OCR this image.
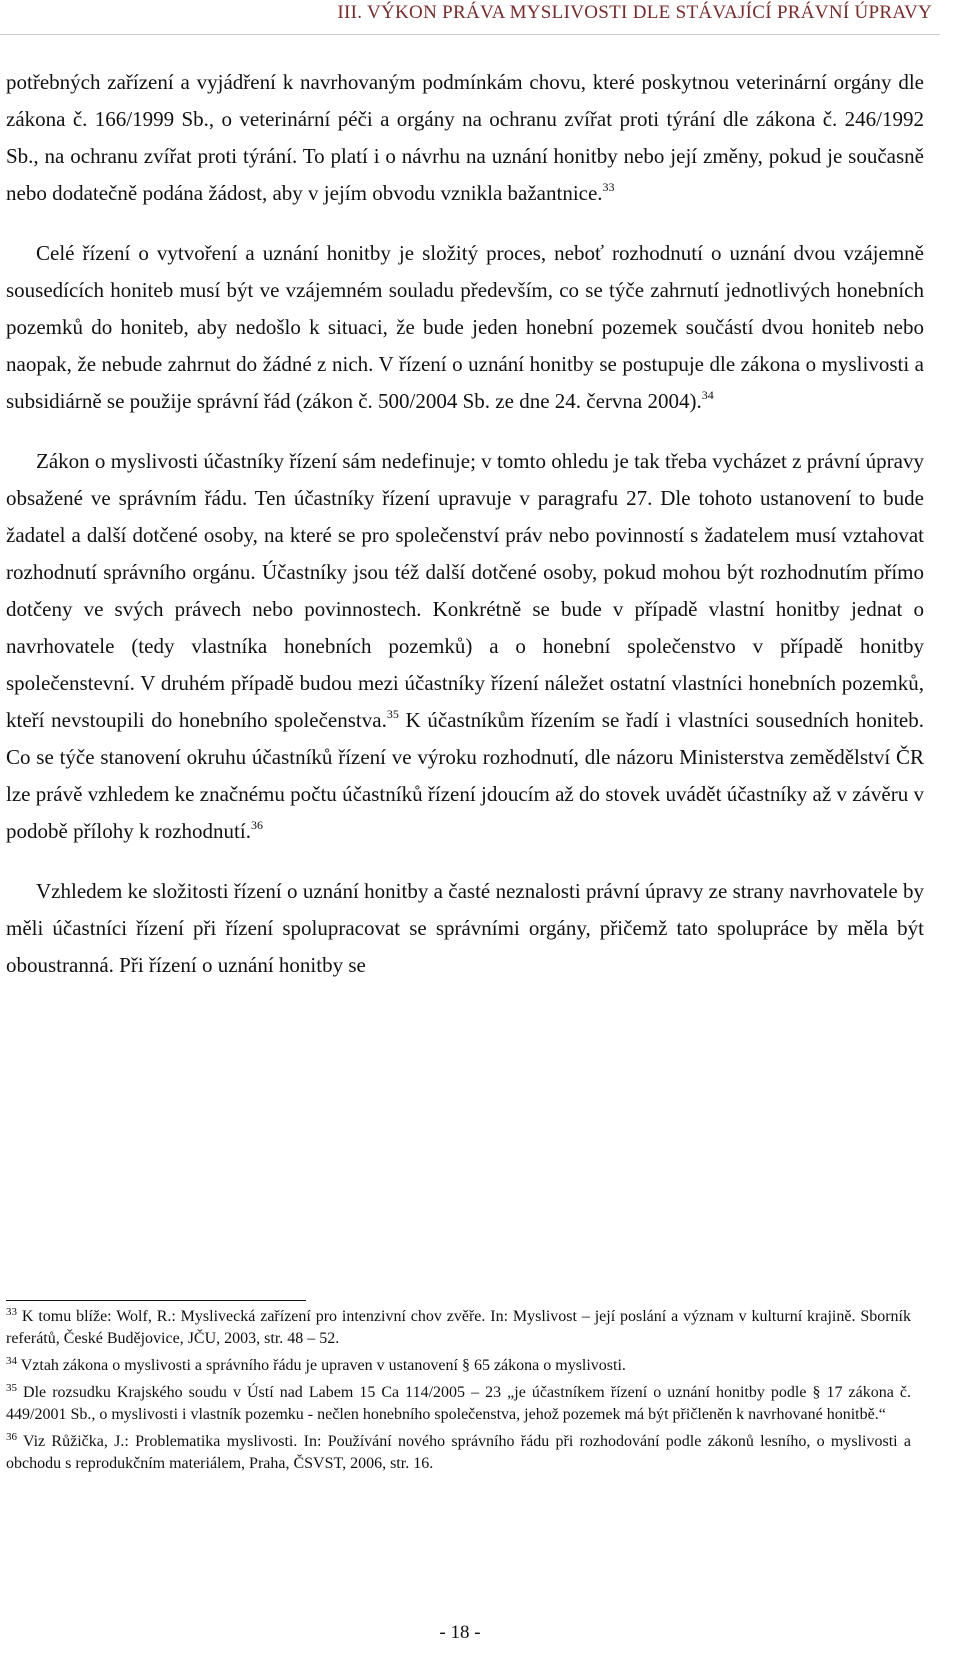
III. VÝKON PRÁVA MYSLIVOSTI DLE STÁVAJÍCÍ PRÁVNÍ ÚPRAVY

potřebných zařízení a vyjádření k navrhovaným podmínkám chovu, které poskytnou veterinární orgány dle zákona č. 166/1999 Sb., o veterinární péči a orgány na ochranu zvířat proti týrání dle zákona č. 246/1992 Sb., na ochranu zvířat proti týrání. To platí i o návrhu na uznání honitby nebo její změny, pokud je současně nebo dodatečně podána žádost, aby v jejím obvodu vznikla bažantnice.$^{33}$

Celé řízení o vytvoření a uznání honitby je složitý proces, neboť rozhodnutí o uznání dvou vzájemně sousedících honiteb musí být ve vzájemném souladu především, co se týče zahrnutí jednotlivých honebních pozemků do honiteb, aby nedošlo k situaci, že bude jeden honební pozemek součástí dvou honiteb nebo naopak, že nebude zahrnut do žádné z nich. V řízení o uznání honitby se postupuje dle zákona o myslivosti a subsidiárně se použije správní řád (zákon č. 500/2004 Sb. ze dne 24. června 2004).$^{34}$

Zákon o myslivosti účastníky řízení sám nedefinuje; v tomto ohledu je tak třeba vycházet z právní úpravy obsažené ve správním řádu. Ten účastníky řízení upravuje v paragrafu 27. Dle tohoto ustanovení to bude žadatel a další dotčené osoby, na které se pro společenství práv nebo povinností s žadatelem musí vztahovat rozhodnutí správního orgánu. Účastníky jsou též další dotčené osoby, pokud mohou být rozhodnutím přímo dotčeny ve svých právech nebo povinnostech. Konkrétně se bude v případě vlastní honitby jednat o navrhovatele (tedy vlastníka honebních pozemků) a o honební společenstvo v případě honitby společenstevní. V druhém případě budou mezi účastníky řízení náležet ostatní vlastníci honebních pozemků, kteří nevstoupili do honebního společenstva.$^{35}$ K účastníkům řízením se řadí i vlastníci sousedních honiteb. Co se týče stanovení okruhu účastníků řízení ve výroku rozhodnutí, dle názoru Ministerstva zemědělství ČR lze právě vzhledem ke značnému počtu účastníků řízení jdoucím až do stovek uvádět účastníky až v závěru v podobě přílohy k rozhodnutí.$^{36}$

Vzhledem ke složitosti řízení o uznání honitby a časté neznalosti právní úpravy ze strany navrhovatele by měli účastníci řízení při řízení spolupracovat se správními orgány, přičemž tato spolupráce by měla být oboustranná. Při řízení o uznání honitby se

$^{33}$ K tomu blíže: Wolf, R.: Myslivecká zařízení pro intenzivní chov zvěře. In: Myslivost – její poslání a význam v kulturní krajině. Sborník referátů, České Budějovice, JČU, 2003, str. 48 – 52.
$^{34}$ Vztah zákona o myslivosti a správního řádu je upraven v ustanovení § 65 zákona o myslivosti.
$^{35}$ Dle rozsudku Krajského soudu v Ústí nad Labem 15 Ca 114/2005 – 23 „je účastníkem řízení o uznání honitby podle § 17 zákona č. 449/2001 Sb., o myslivosti i vlastník pozemku - nečlen honebního společenstva, jehož pozemek má být přičleněn k navrhované honitbě.“
$^{36}$ Viz Růžička, J.: Problematika myslivosti. In: Používání nového správního řádu při rozhodování podle zákonů lesního, o myslivosti a obchodu s reprodukčním materiálem, Praha, ČSVST, 2006, str. 16.
- 18 -
